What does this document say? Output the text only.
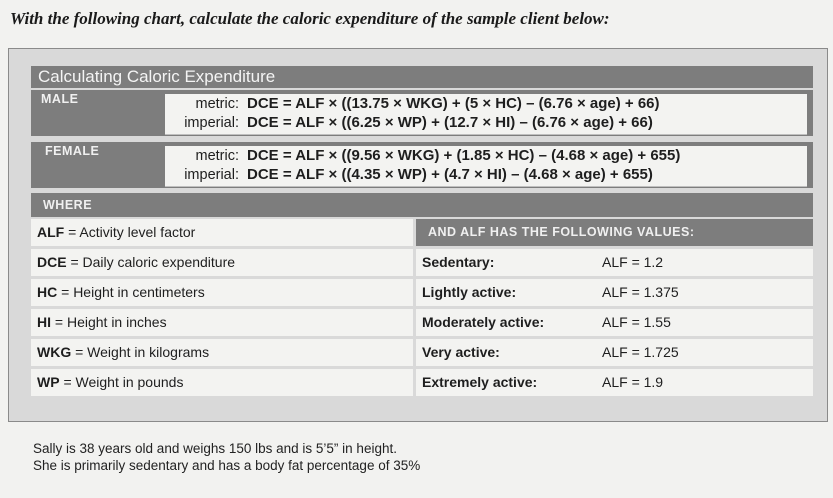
With the following chart, calculate the caloric expenditure of the sample client below:
Calculating Caloric Expenditure
MALE	metric: DCE = ALF × ((13.75 × WKG) + (5 × HC) – (6.76 × age) + 66)
imperial: DCE = ALF × ((6.25 × WP) + (12.7 × HI) – (6.76 × age) + 66)
FEMALE	metric: DCE = ALF × ((9.56 × WKG) + (1.85 × HC) – (4.68 × age) + 655)
imperial: DCE = ALF × ((4.35 × WP) + (4.7 × HI) – (4.68 × age) + 655)
WHERE
ALF = Activity level factor
DCE = Daily caloric expenditure
HC = Height in centimeters
HI = Height in inches
WKG = Weight in kilograms
WP = Weight in pounds
AND ALF HAS THE FOLLOWING VALUES:
Sedentary:	ALF = 1.2
Lightly active:	ALF = 1.375
Moderately active:	ALF = 1.55
Very active:	ALF = 1.725
Extremely active:	ALF = 1.9
Sally is 38 years old and weighs 150 lbs and is 5’5” in height.
She is primarily sedentary and has a body fat percentage of 35%
